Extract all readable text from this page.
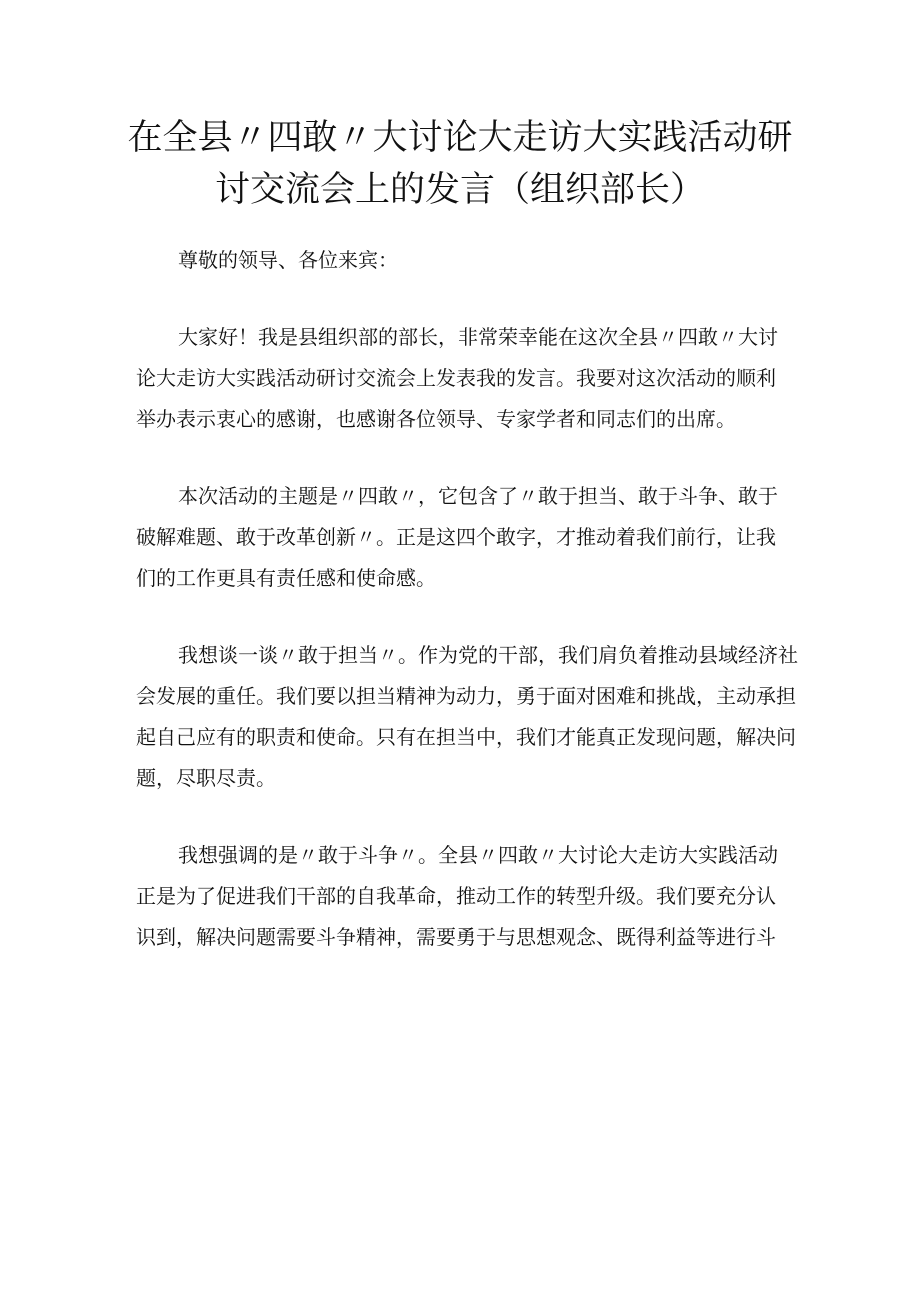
在全县〃四敢〃大讨论大走访大实践活动研
讨交流会上的发言（组织部长）

尊敬的领导、各位来宾：

大家好！我是县组织部的部长，非常荣幸能在这次全县〃四敢〃大讨
论大走访大实践活动研讨交流会上发表我的发言。我要对这次活动的顺利
举办表示衷心的感谢，也感谢各位领导、专家学者和同志们的出席。

本次活动的主题是〃四敢〃，它包含了〃敢于担当、敢于斗争、敢于
破解难题、敢于改革创新〃。正是这四个敢字，才推动着我们前行，让我
们的工作更具有责任感和使命感。

我想谈一谈〃敢于担当〃。作为党的干部，我们肩负着推动县域经济社
会发展的重任。我们要以担当精神为动力，勇于面对困难和挑战，主动承担
起自己应有的职责和使命。只有在担当中，我们才能真正发现问题，解决问
题，尽职尽责。

我想强调的是〃敢于斗争〃。全县〃四敢〃大讨论大走访大实践活动
正是为了促进我们干部的自我革命，推动工作的转型升级。我们要充分认
识到，解决问题需要斗争精神，需要勇于与思想观念、既得利益等进行斗
